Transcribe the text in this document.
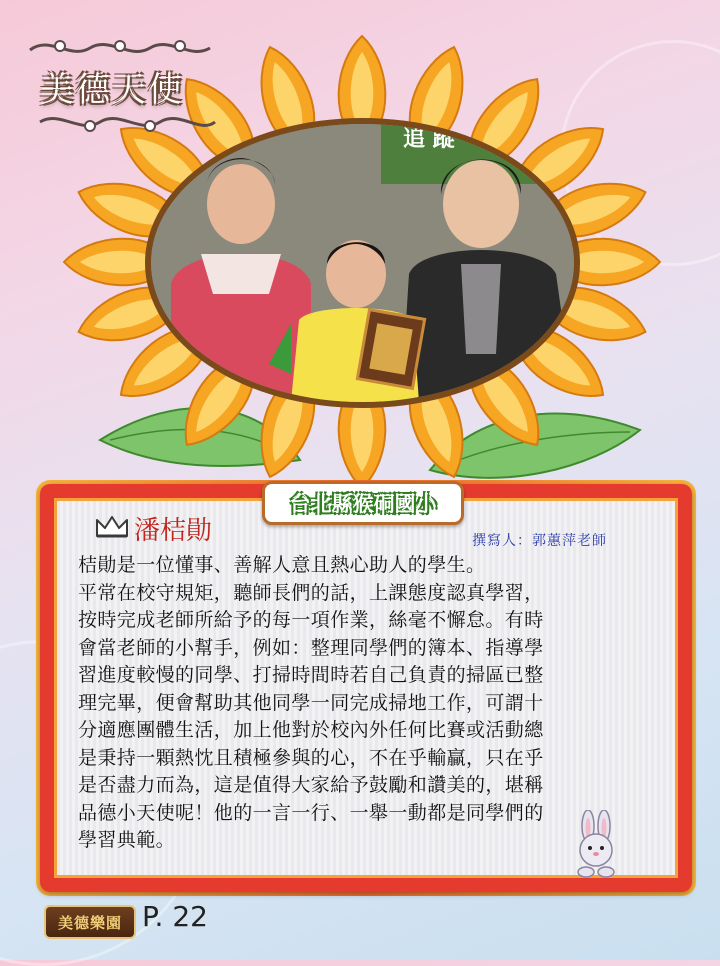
追 蹤
美德天使
台北縣猴硐國小
潘桔勛	撰寫人：郭蕙萍老師

桔勛是一位懂事、善解人意且熱心助人的學生。

平常在校守規矩，聽師長們的話，上課態度認真學習，

按時完成老師所給予的每一項作業，絲毫不懈怠。有時

會當老師的小幫手，例如：整理同學們的簿本、指導學

習進度較慢的同學、打掃時間時若自己負責的掃區已整

理完畢，便會幫助其他同學一同完成掃地工作，可謂十

分適應團體生活，加上他對於校內外任何比賽或活動總

是秉持一顆熱忱且積極參與的心，不在乎輸贏，只在乎

是否盡力而為，這是值得大家給予鼓勵和讚美的，堪稱

品德小天使呢！他的一言一行、一舉一動都是同學們的

學習典範。

美德樂園 P. 22
